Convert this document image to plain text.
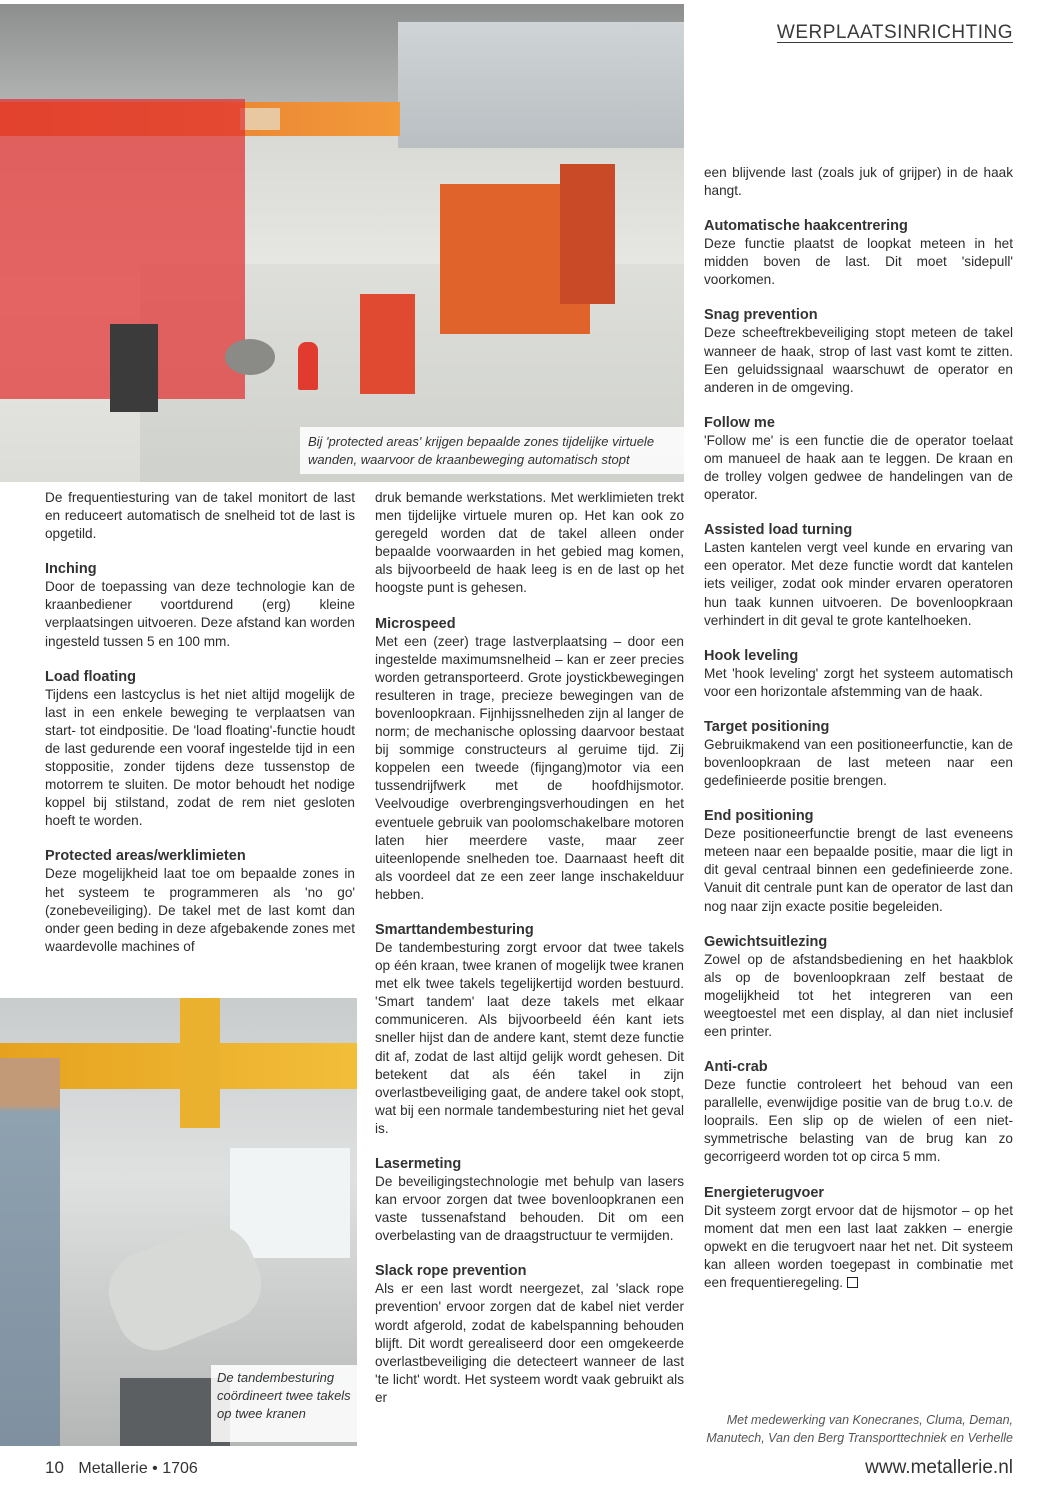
WERPLAATSINRICHTING
Bij 'protected areas' krijgen bepaalde zones tijdelijke virtuele wanden, waarvoor de kraanbeweging automatisch stopt
De tandembesturing coördineert twee takels op twee kranen

De frequentiesturing van de takel monitort de last en reduceert automatisch de snelheid tot de last is opgetild.

Inching

Door de toepassing van deze technologie kan de kraanbediener voortdurend (erg) kleine verplaatsingen uitvoeren. Deze afstand kan worden ingesteld tussen 5 en 100 mm.

Load floating

Tijdens een lastcyclus is het niet altijd mogelijk de last in een enkele beweging te verplaatsen van start- tot eindpositie. De 'load floating'-functie houdt de last gedurende een vooraf ingestelde tijd in een stoppositie, zonder tijdens deze tussenstop de motorrem te sluiten. De motor behoudt het nodige koppel bij stilstand, zodat de rem niet gesloten hoeft te worden.

Protected areas/werklimieten

Deze mogelijkheid laat toe om bepaalde zones in het systeem te programmeren als 'no go' (zonebeveiliging). De takel met de last komt dan onder geen beding in deze afgebakende zones met waardevolle machines of

druk bemande werkstations. Met werklimieten trekt men tijdelijke virtuele muren op. Het kan ook zo geregeld worden dat de takel alleen onder bepaalde voorwaarden in het gebied mag komen, als bijvoorbeeld de haak leeg is en de last op het hoogste punt is gehesen.

Microspeed

Met een (zeer) trage lastverplaatsing – door een ingestelde maximumsnelheid – kan er zeer precies worden getransporteerd. Grote joystickbewegingen resulteren in trage, precieze bewegingen van de bovenloopkraan. Fijnhijssnelheden zijn al langer de norm; de mechanische oplossing daarvoor bestaat bij sommige constructeurs al geruime tijd. Zij koppelen een tweede (fijngang)motor via een tussendrijfwerk met de hoofdhijsmotor. Veelvoudige overbrengingsverhoudingen en het eventuele gebruik van poolomschakelbare motoren laten hier meerdere vaste, maar zeer uiteenlopende snelheden toe. Daarnaast heeft dit als voordeel dat ze een zeer lange inschakelduur hebben.

Smarttandembesturing

De tandembesturing zorgt ervoor dat twee takels op één kraan, twee kranen of mogelijk twee kranen met elk twee takels tegelijkertijd worden bestuurd. 'Smart tandem' laat deze takels met elkaar communiceren. Als bijvoorbeeld één kant iets sneller hijst dan de andere kant, stemt deze functie dit af, zodat de last altijd gelijk wordt gehesen. Dit betekent dat als één takel in zijn overlastbeveiliging gaat, de andere takel ook stopt, wat bij een normale tandembesturing niet het geval is.

Lasermeting

De beveiligingstechnologie met behulp van lasers kan ervoor zorgen dat twee bovenloopkranen een vaste tussenafstand behouden. Dit om een overbelasting van de draagstructuur te vermijden.

Slack rope prevention

Als er een last wordt neergezet, zal 'slack rope prevention' ervoor zorgen dat de kabel niet verder wordt afgerold, zodat de kabelspanning behouden blijft. Dit wordt gerealiseerd door een omgekeerde overlastbeveiliging die detecteert wanneer de last 'te licht' wordt. Het systeem wordt vaak gebruikt als er

een blijvende last (zoals juk of grijper) in de haak hangt.

Automatische haakcentrering

Deze functie plaatst de loopkat meteen in het midden boven de last. Dit moet 'sidepull' voorkomen.

Snag prevention

Deze scheeftrekbeveiliging stopt meteen de takel wanneer de haak, strop of last vast komt te zitten. Een geluidssignaal waarschuwt de operator en anderen in de omgeving.

Follow me

'Follow me' is een functie die de operator toelaat om manueel de haak aan te leggen. De kraan en de trolley volgen gedwee de handelingen van de operator.

Assisted load turning

Lasten kantelen vergt veel kunde en ervaring van een operator. Met deze functie wordt dat kantelen iets veiliger, zodat ook minder ervaren operatoren hun taak kunnen uitvoeren. De bovenloopkraan verhindert in dit geval te grote kantelhoeken.

Hook leveling

Met 'hook leveling' zorgt het systeem automatisch voor een horizontale afstemming van de haak.

Target positioning

Gebruikmakend van een positioneerfunctie, kan de bovenloopkraan de last meteen naar een gedefinieerde positie brengen.

End positioning

Deze positioneerfunctie brengt de last eveneens meteen naar een bepaalde positie, maar die ligt in dit geval centraal binnen een gedefinieerde zone. Vanuit dit centrale punt kan de operator de last dan nog naar zijn exacte positie begeleiden.

Gewichtsuitlezing

Zowel op de afstandsbediening en het haakblok als op de bovenloopkraan zelf bestaat de mogelijkheid tot het integreren van een weegtoestel met een display, al dan niet inclusief een printer.

Anti-crab

Deze functie controleert het behoud van een parallelle, evenwijdige positie van de brug t.o.v. de looprails. Een slip op de wielen of een niet-symmetrische belasting van de brug kan zo gecorrigeerd worden tot op circa 5 mm.

Energieterugvoer

Dit systeem zorgt ervoor dat de hijsmotor – op het moment dat men een last laat zakken – energie opwekt en die terugvoert naar het net. Dit systeem kan alleen worden toegepast in combinatie met een frequentieregeling.

Met medewerking van Konecranes, Cluma, Deman, Manutech, Van den Berg Transporttechniek en Verhelle
10 Metallerie • 1706	www.metallerie.nl
